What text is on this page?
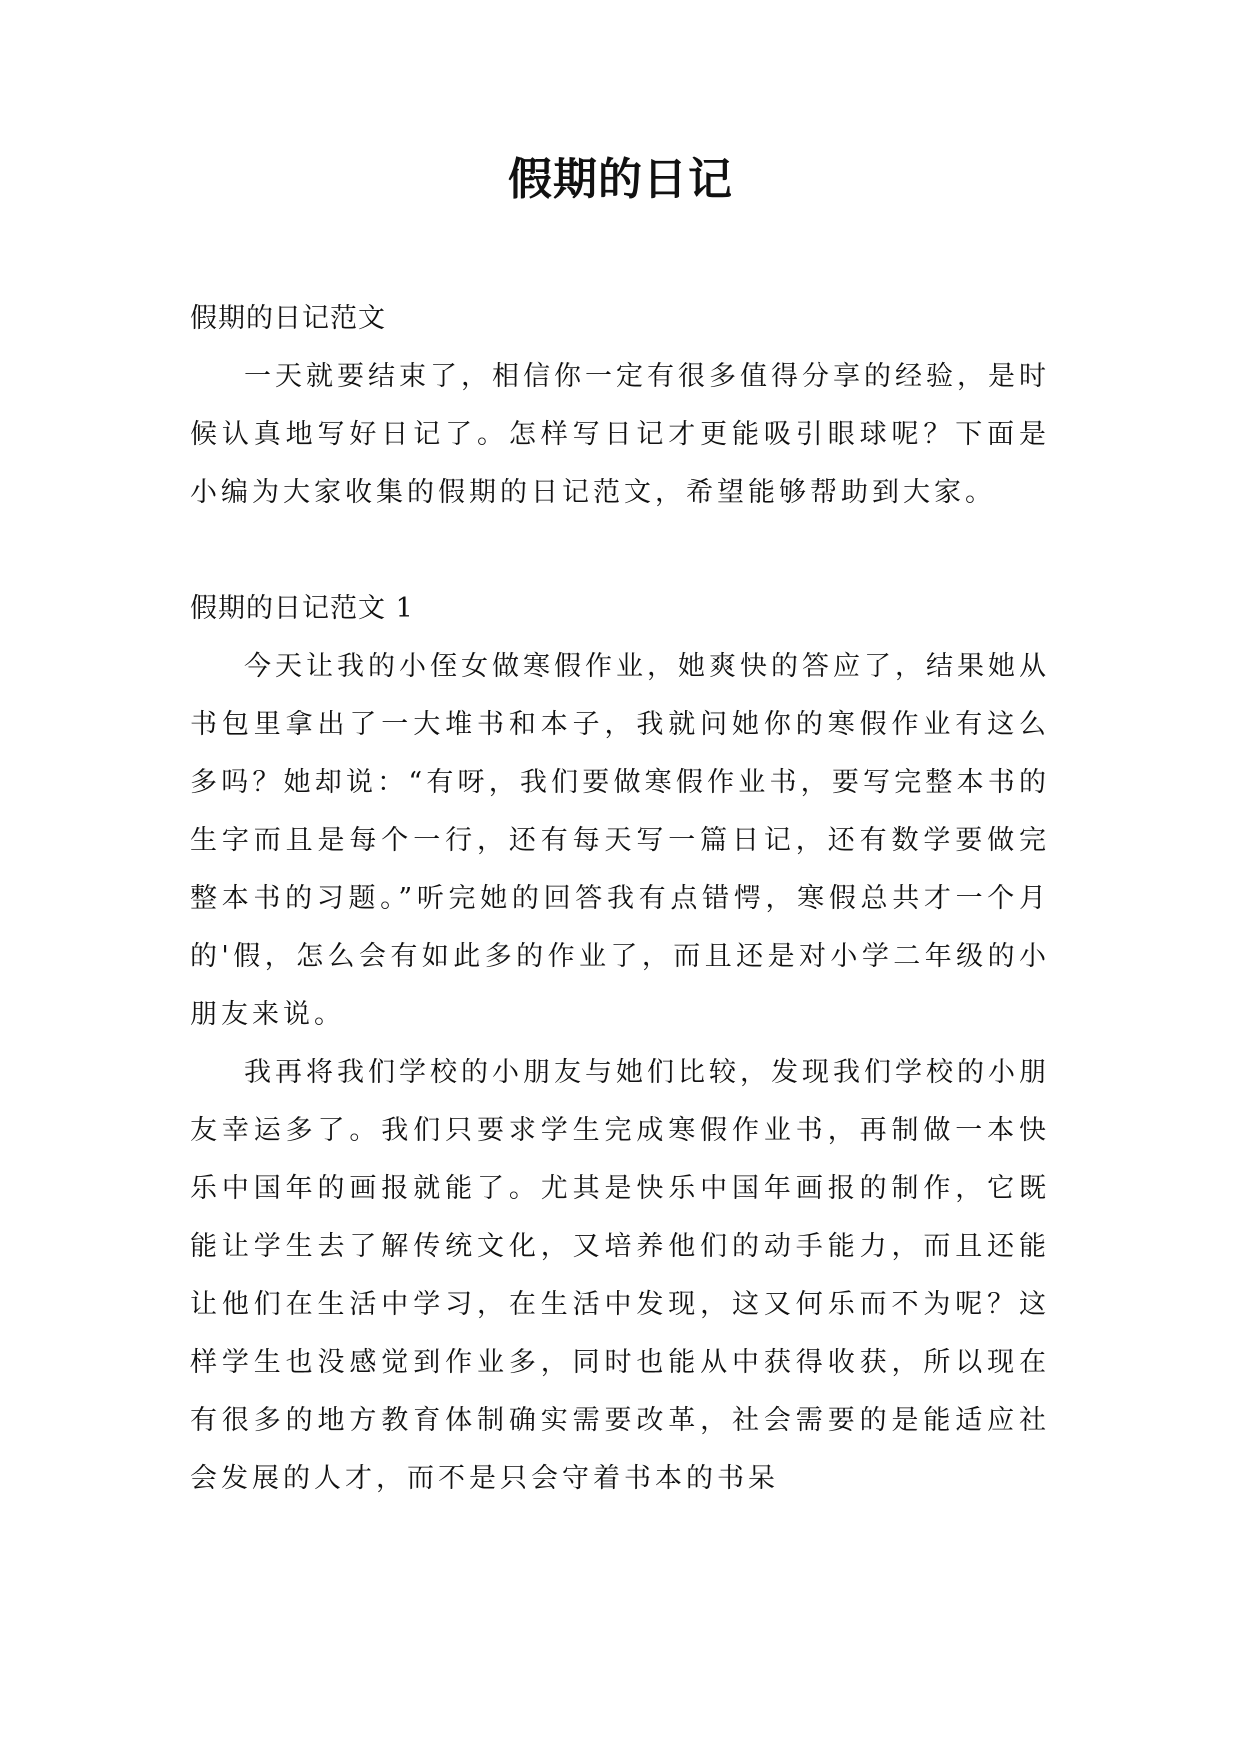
假期的日记

假期的日记范文

一天就要结束了，相信你一定有很多值得分享的经验，是时候认真地写好日记了。怎样写日记才更能吸引眼球呢？下面是小编为大家收集的假期的日记范文，希望能够帮助到大家。

假期的日记范文 1

今天让我的小侄女做寒假作业，她爽快的答应了，结果她从书包里拿出了一大堆书和本子，我就问她你的寒假作业有这么多吗？她却说：“有呀，我们要做寒假作业书，要写完整本书的生字而且是每个一行，还有每天写一篇日记，还有数学要做完整本书的习题。”听完她的回答我有点错愕，寒假总共才一个月的'假，怎么会有如此多的作业了，而且还是对小学二年级的小朋友来说。

我再将我们学校的小朋友与她们比较，发现我们学校的小朋友幸运多了。我们只要求学生完成寒假作业书，再制做一本快乐中国年的画报就能了。尤其是快乐中国年画报的制作，它既能让学生去了解传统文化，又培养他们的动手能力，而且还能让他们在生活中学习，在生活中发现，这又何乐而不为呢？这样学生也没感觉到作业多，同时也能从中获得收获，所以现在有很多的地方教育体制确实需要改革，社会需要的是能适应社会发展的人才，而不是只会守着书本的书呆
